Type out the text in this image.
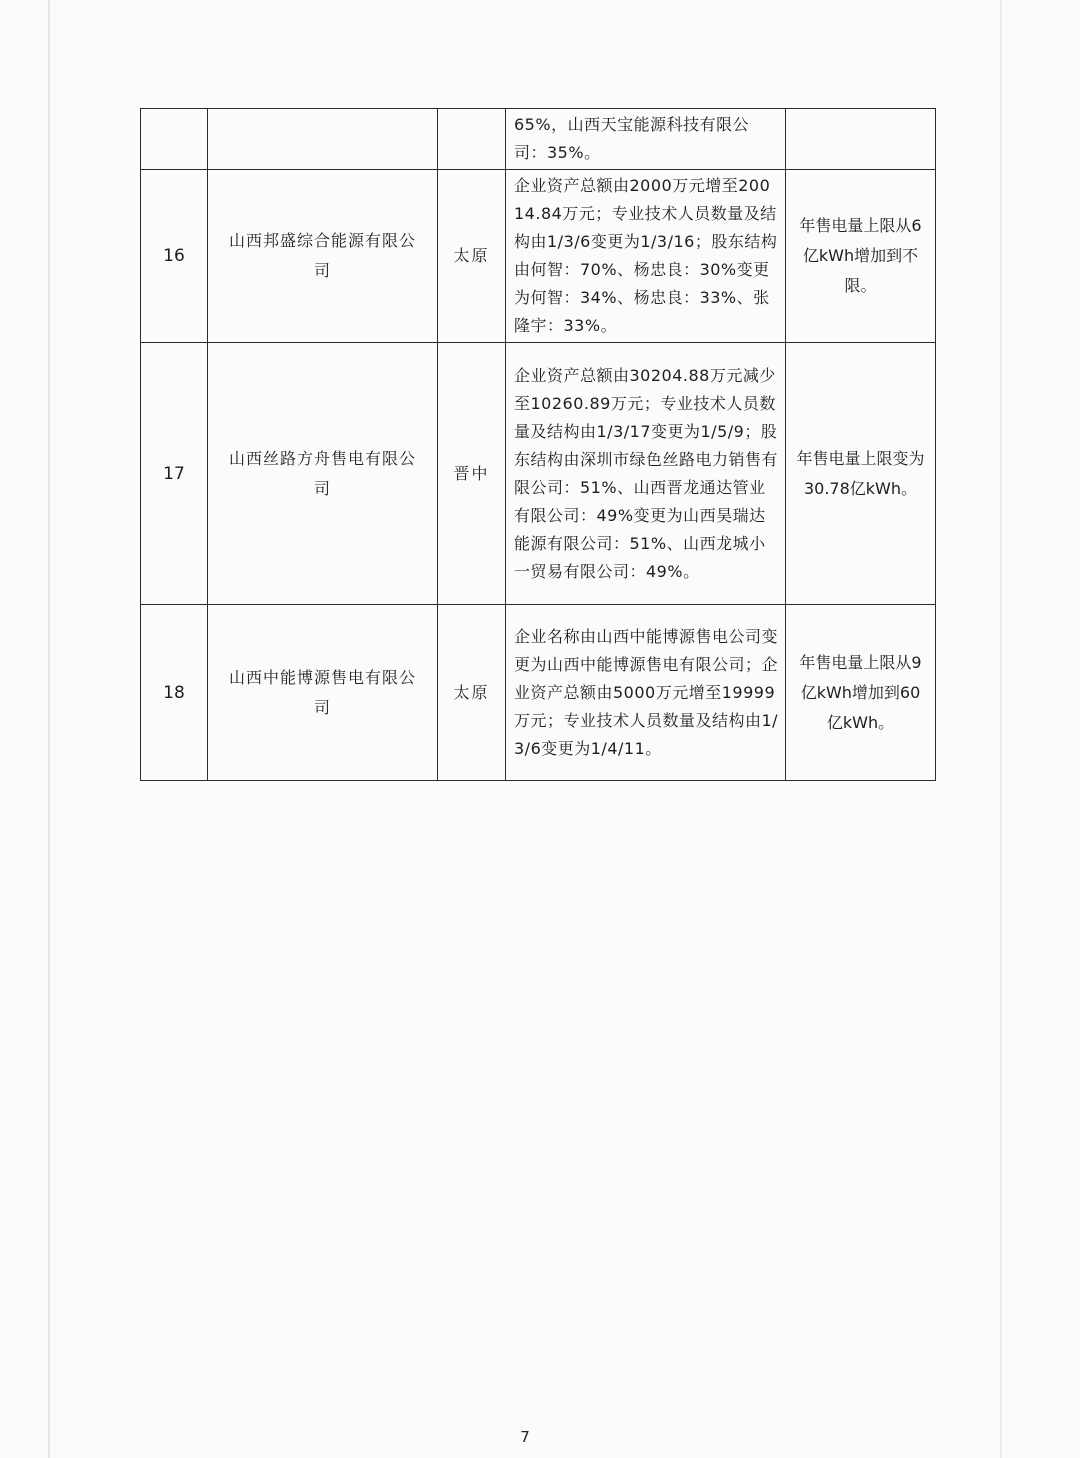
			65%，山西天宝能源科技有限公司：35%。	
16	山西邦盛综合能源有限公司	太原	企业资产总额由2000万元增至20014.84万元；专业技术人员数量及结构由1/3/6变更为1/3/16；股东结构由何智：70%、杨忠良：30%变更为何智：34%、杨忠良：33%、张隆宇：33%。	年售电量上限从6亿kWh增加到不限。
17	山西丝路方舟售电有限公司	晋中	企业资产总额由30204.88万元减少至10260.89万元；专业技术人员数量及结构由1/3/17变更为1/5/9；股东结构由深圳市绿色丝路电力销售有限公司：51%、山西晋龙通达管业有限公司：49%变更为山西昊瑞达能源有限公司：51%、山西龙城小一贸易有限公司：49%。	年售电量上限变为30.78亿kWh。
18	山西中能博源售电有限公司	太原	企业名称由山西中能博源售电公司变更为山西中能博源售电有限公司；企业资产总额由5000万元增至19999万元；专业技术人员数量及结构由1/3/6变更为1/4/11。	年售电量上限从9亿kWh增加到60亿kWh。
7
